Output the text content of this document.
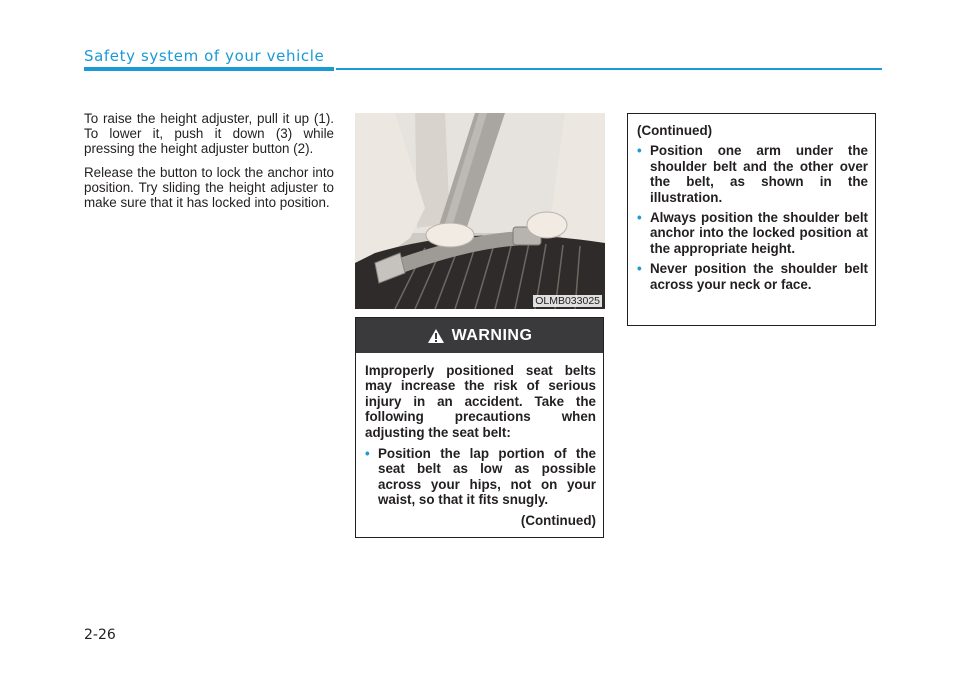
Safety system of your vehicle

To raise the height adjuster, pull it up (1). To lower it, push it down (3) while pressing the height adjuster button (2).

Release the button to lock the anchor into position. Try sliding the height adjuster to make sure that it has locked into position.

OLMB033025
WARNING

Improperly positioned seat belts may increase the risk of serious injury in an accident. Take the following precautions when adjusting the seat belt:

• Position the lap portion of the seat belt as low as possible across your hips, not on your waist, so that it fits snugly.
(Continued)
(Continued)
• Position one arm under the shoulder belt and the other over the belt, as shown in the illustration.
• Always position the shoulder belt anchor into the locked position at the appropriate height.
• Never position the shoulder belt across your neck or face.
2-26
